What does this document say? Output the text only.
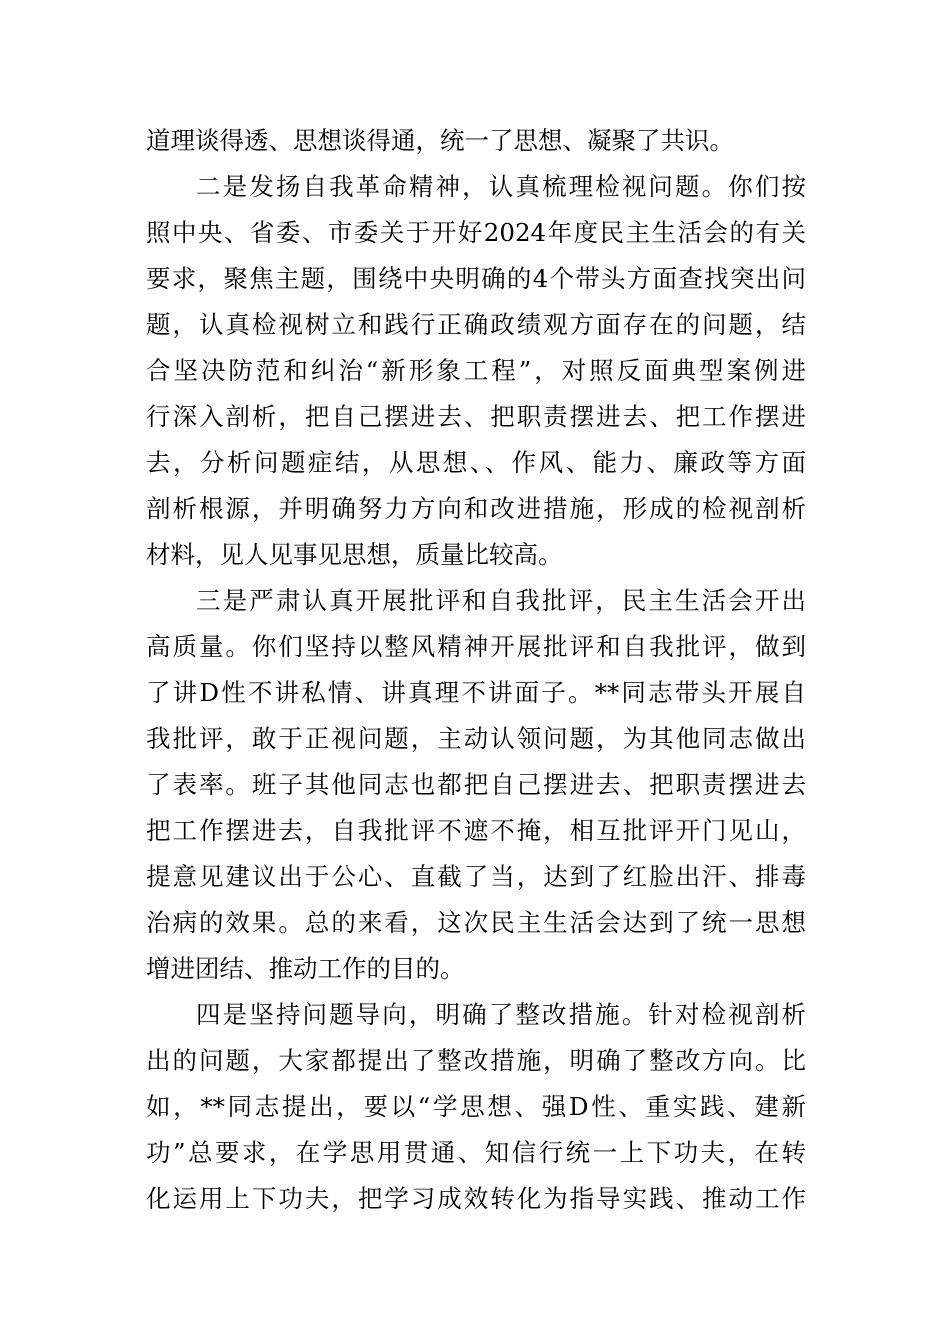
道理谈得透、思想谈得通，统一了思想、凝聚了共识。
二是发扬自我革命精神，认真梳理检视问题。你们按
照中央、省委、市委关于开好2024年度民主生活会的有关
要求，聚焦主题，围绕中央明确的4个带头方面查找突出问
题，认真检视树立和践行正确政绩观方面存在的问题，结
合坚决防范和纠治“新形象工程”，对照反面典型案例进
行深入剖析，把自己摆进去、把职责摆进去、把工作摆进
去，分析问题症结，从思想、、作风、能力、廉政等方面
剖析根源，并明确努力方向和改进措施，形成的检视剖析
材料，见人见事见思想，质量比较高。
三是严肃认真开展批评和自我批评，民主生活会开出
高质量。你们坚持以整风精神开展批评和自我批评，做到
了讲D性不讲私情、讲真理不讲面子。**同志带头开展自
我批评，敢于正视问题，主动认领问题，为其他同志做出
了表率。班子其他同志也都把自己摆进去、把职责摆进去
把工作摆进去，自我批评不遮不掩，相互批评开门见山，
提意见建议出于公心、直截了当，达到了红脸出汗、排毒
治病的效果。总的来看，这次民主生活会达到了统一思想
增进团结、推动工作的目的。
四是坚持问题导向，明确了整改措施。针对检视剖析
出的问题，大家都提出了整改措施，明确了整改方向。比
如，**同志提出，要以“学思想、强D性、重实践、建新
功”总要求，在学思用贯通、知信行统一上下功夫，在转
化运用上下功夫，把学习成效转化为指导实践、推动工作
